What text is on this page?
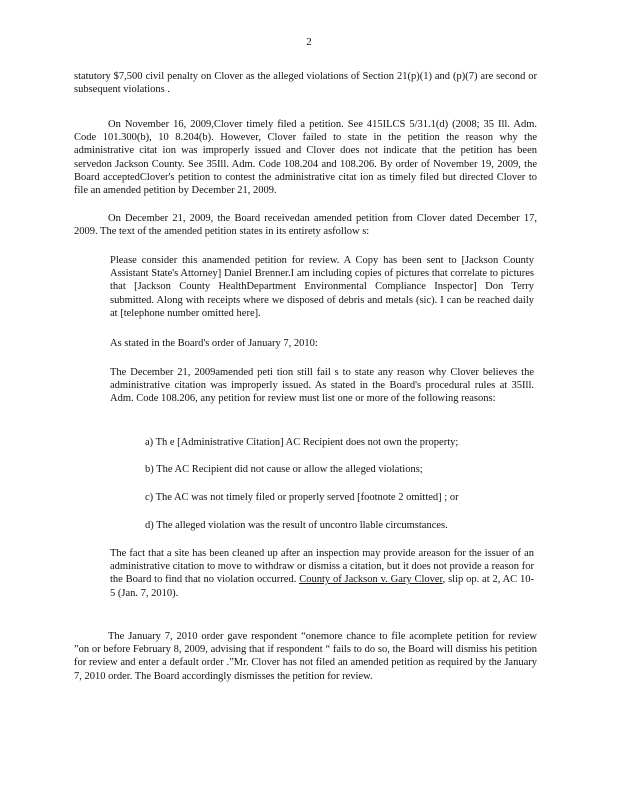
2

statutory $7,500 civil penalty on Clover as the alleged violations of Section 21(p)(1) and (p)(7) are second or subsequent violations .

On November 16, 2009,Clover timely filed a petition. See 415ILCS 5/31.1(d) (2008; 35 Ill. Adm. Code 101.300(b), 10 8.204(b). However, Clover failed to state in the petition the reason why the administrative citat ion was improperly issued and Clover does not indicate that the petition has been servedon Jackson County. See 35Ill. Adm. Code 108.204 and 108.206. By order of November 19, 2009, the Board acceptedClover's petition to contest the administrative citat ion as timely filed but directed Clover to file an amended petition by December 21, 2009.

On December 21, 2009, the Board receivedan amended petition from Clover dated December 17, 2009. The text of the amended petition states in its entirety asfollow s:

Please consider this anamended petition for review. A Copy has been sent to [Jackson County Assistant State's Attorney] Daniel Brenner.I am including copies of pictures that correlate to pictures that [Jackson County HealthDepartment Environmental Compliance Inspector] Don Terry submitted. Along with receipts where we disposed of debris and metals (sic). I can be reached daily at [telephone number omitted here].

As stated in the Board's order of January 7, 2010:

The December 21, 2009amended peti tion still fail s to state any reason why Clover believes the administrative citation was improperly issued. As stated in the Board's procedural rules at 35Ill. Adm. Code 108.206, any petition for review must list one or more of the following reasons:

a) Th e [Administrative Citation] AC Recipient does not own the property;

b) The AC Recipient did not cause or allow the alleged violations;

c) The AC was not timely filed or properly served [footnote 2 omitted] ; or

d) The alleged violation was the result of uncontro llable circumstances.

The fact that a site has been cleaned up after an inspection may provide areason for the issuer of an administrative citation to move to withdraw or dismiss a citation, but it does not provide a reason for the Board to find that no violation occurred. County of Jackson v. Gary Clover, slip op. at 2, AC 10- 5 (Jan. 7, 2010).

The January 7, 2010 order gave respondent “onemore chance to file acomplete petition for review ”on or before February 8, 2009, advising that if respondent “ fails to do so, the Board will dismiss his petition for review and enter a default order .”Mr. Clover has not filed an amended petition as required by the January 7, 2010 order. The Board accordingly dismisses the petition for review.
